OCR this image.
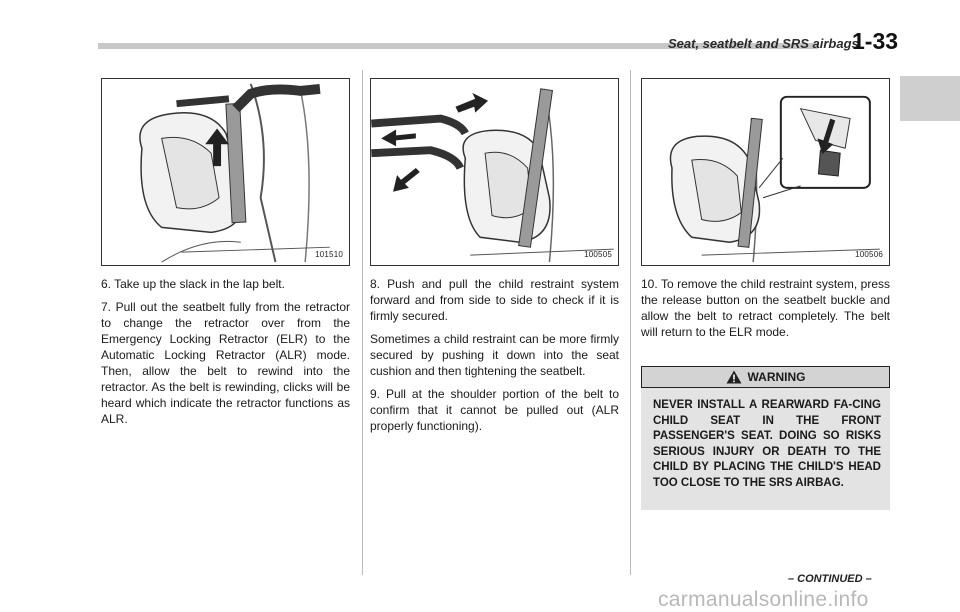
Seat, seatbelt and SRS airbags
1-33
101510	100505	100506

6. Take up the slack in the lap belt.

7. Pull out the seatbelt fully from the retractor to change the retractor over from the Emergency Locking Retractor (ELR) to the Automatic Locking Retractor (ALR) mode. Then, allow the belt to rewind into the retractor. As the belt is rewinding, clicks will be heard which indicate the retractor functions as ALR.

8. Push and pull the child restraint system forward and from side to side to check if it is firmly secured.

Sometimes a child restraint can be more firmly secured by pushing it down into the seat cushion and then tightening the seatbelt.

9. Pull at the shoulder portion of the belt to confirm that it cannot be pulled out (ALR properly functioning).

10. To remove the child restraint system, press the release button on the seatbelt buckle and allow the belt to retract completely. The belt will return to the ELR mode.

WARNING
NEVER INSTALL A REARWARD FA-CING CHILD SEAT IN THE FRONT PASSENGER'S SEAT. DOING SO RISKS SERIOUS INJURY OR DEATH TO THE CHILD BY PLACING THE CHILD'S HEAD TOO CLOSE TO THE SRS AIRBAG.
– CONTINUED –
carmanualsonline.info
